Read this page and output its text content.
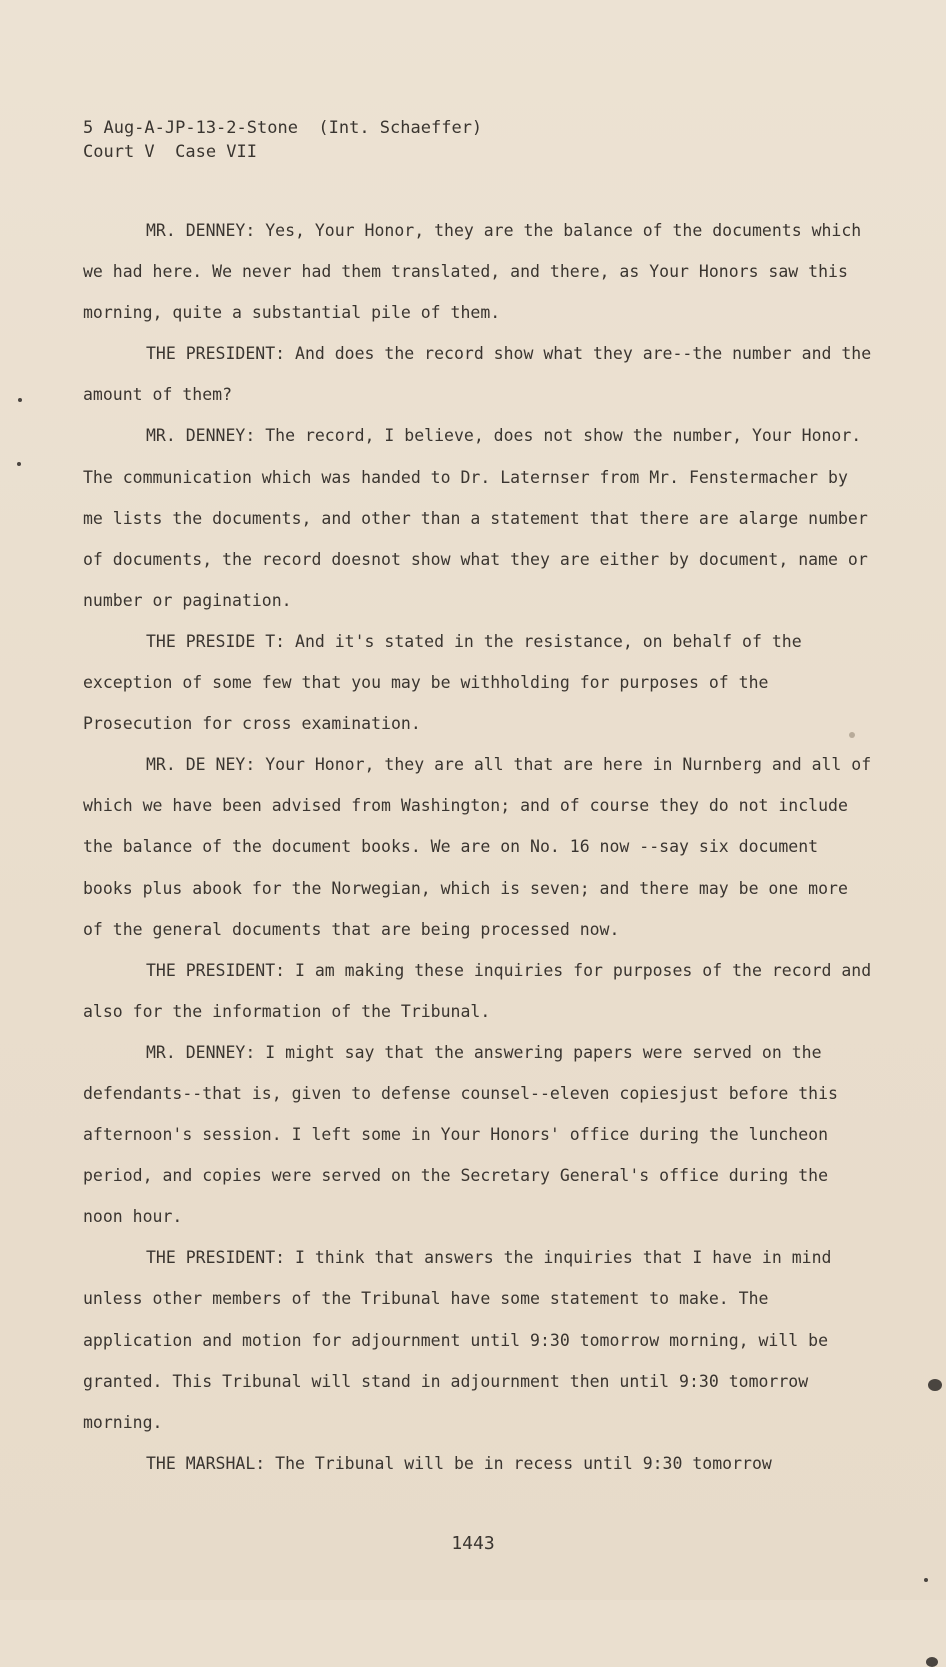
5 Aug-A-JP-13-2-Stone  (Int. Schaeffer)
Court V  Case VII

MR. DENNEY: Yes, Your Honor, they are the balance of the documents which we had here. We never had them translated, and there, as Your Honors saw this morning, quite a substantial pile of them.

THE PRESIDENT: And does the record show what they are--the number and the amount of them?

MR. DENNEY: The record, I believe, does not show the number, Your Honor. The communication which was handed to Dr. Laternser from Mr. Fenstermacher by me lists the documents, and other than a statement that there are alarge number of documents, the record doesnot show what they are either by document, name or number or pagination.

THE PRESIDE T: And it's stated in the resistance, on behalf of the exception of some few that you may be withholding for purposes of the Prosecution for cross examination.

MR. DE NEY: Your Honor, they are all that are here in Nurnberg and all of which we have been advised from Washington; and of course they do not include the balance of the document books. We are on No. 16 now --say six document books plus abook for the Norwegian, which is seven; and there may be one more of the general documents that are being processed now.

THE PRESIDENT: I am making these inquiries for purposes of the record and also for the information of the Tribunal.

MR. DENNEY: I might say that the answering papers were served on the defendants--that is, given to defense counsel--eleven copiesjust before this afternoon's session. I left some in Your Honors' office during the luncheon period, and copies were served on the Secretary General's office during the noon hour.

THE PRESIDENT: I think that answers the inquiries that I have in mind unless other members of the Tribunal have some statement to make. The application and motion for adjournment until 9:30 tomorrow morning, will be granted. This Tribunal will stand in adjournment then until 9:30 tomorrow morning.

THE MARSHAL: The Tribunal will be in recess until 9:30 tomorrow

1443
